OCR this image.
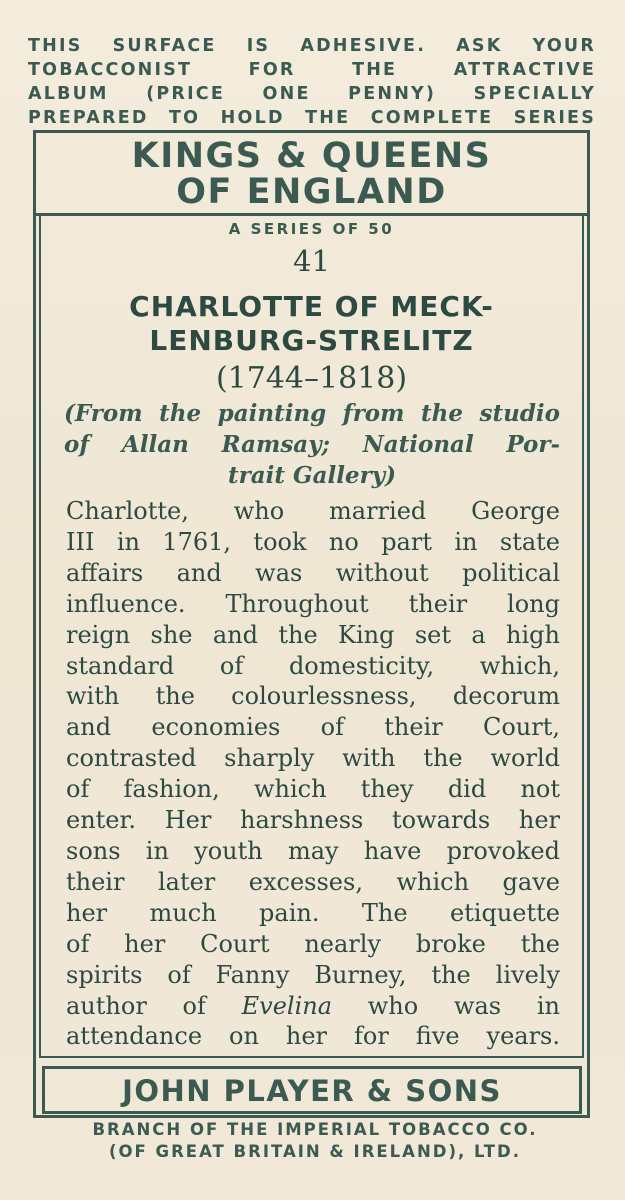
THIS SURFACE IS ADHESIVE. ASK YOUR
TOBACCONIST FOR THE ATTRACTIVE
ALBUM (PRICE ONE PENNY) SPECIALLY
PREPARED TO HOLD THE COMPLETE SERIES
KINGS & QUEENS
OF ENGLAND
A SERIES OF 50
41
CHARLOTTE OF MECK-
LENBURG-STRELITZ
(1744–1818)
(From the painting from the studio
of Allan Ramsay; National Por-
trait Gallery)
Charlotte, who married George
III in 1761, took no part in state
affairs and was without political
influence. Throughout their long
reign she and the King set a high
standard of domesticity, which,
with the colourlessness, decorum
and economies of their Court,
contrasted sharply with the world
of fashion, which they did not
enter. Her harshness towards her
sons in youth may have provoked
their later excesses, which gave
her much pain. The etiquette
of her Court nearly broke the
spirits of Fanny Burney, the lively
author of Evelina who was in
attendance on her for five years.
JOHN PLAYER & SONS
BRANCH OF THE IMPERIAL TOBACCO CO.
(OF GREAT BRITAIN & IRELAND), LTD.
